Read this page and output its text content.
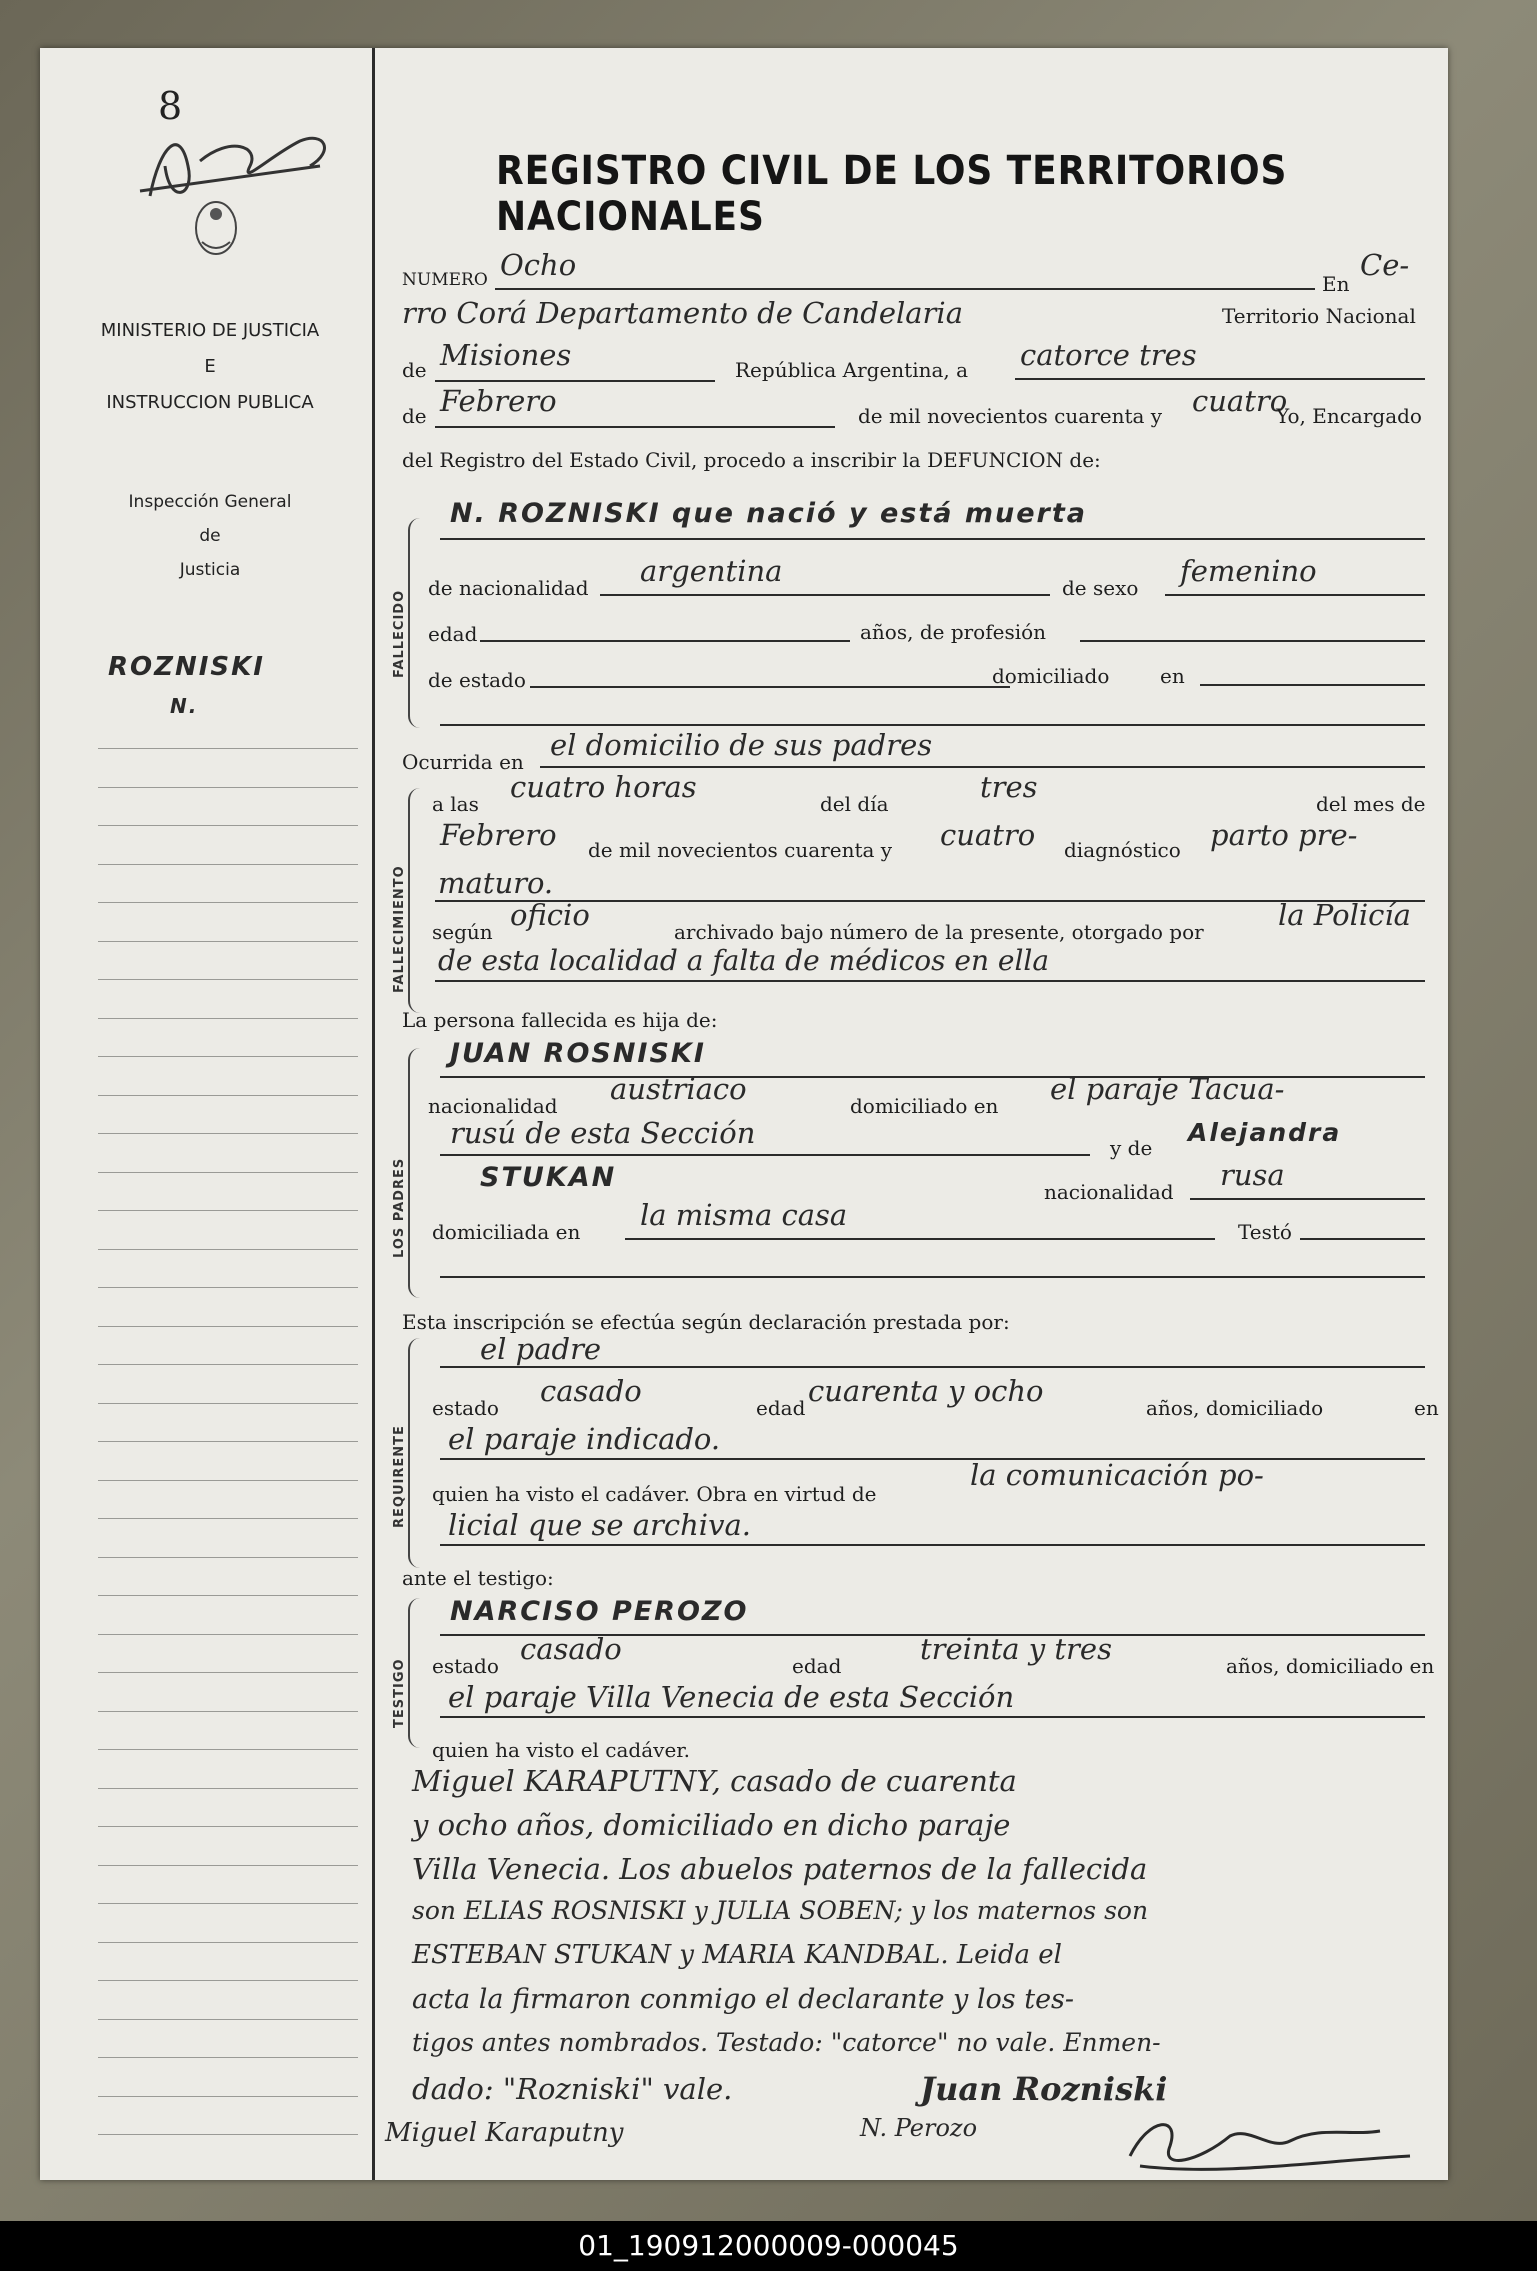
8
MINISTERIO DE JUSTICIA
E
INSTRUCCION PUBLICA
Inspección General
de
Justicia
ROZNISKI
N.
REGISTRO CIVIL DE LOS TERRITORIOS NACIONALES
NUMERO Ocho
En
Ce-
rro Corá Departamento de Candelaria	Territorio Nacional
de Misiones	República Argentina, a catorce tres
de Febrero	de mil novecientos cuarenta y cuatro
Yo, Encargado
del Registro del Estado Civil, procedo a inscribir la DEFUNCION de:
FALLECIDO
N. ROZNISKI que nació y está muerta
de nacionalidad argentina	de sexo femenino
edad	años, de profesión
de estado	domiciliado	en
FALLECIMIENTO
Ocurrida en el domicilio de sus padres
a las cuatro horas	del día	tres	del mes de
Febrero de mil novecientos cuarenta y cuatro diagnóstico parto pre-
maturo.
según oficio	archivado bajo número de la presente, otorgado por	la Policía
de esta localidad a falta de médicos en ella
La persona fallecida es hija de:
LOS PADRES
JUAN ROSNISKI
nacionalidad austriaco	domiciliado en el paraje Tacua-
rusú de esta Sección	y de
Alejandra
STUKAN	nacionalidad rusa
domiciliada en la misma casa	Testó
Esta inscripción se efectúa según declaración prestada por:
REQUIRENTE
el padre
estado casado	edad cuarenta y ocho	años, domiciliado	en
el paraje indicado.
quien ha visto el cadáver. Obra en virtud de
la comunicación po-
licial que se archiva.
ante el testigo:
TESTIGO
NARCISO PEROZO
estado casado	edad	treinta y tres	años, domiciliado en
el paraje Villa Venecia de esta Sección
quien ha visto el cadáver.
Miguel KARAPUTNY, casado de cuarenta
y ocho años, domiciliado en dicho paraje
Villa Venecia. Los abuelos paternos de la fallecida
son ELIAS ROSNISKI y JULIA SOBEN; y los maternos son
ESTEBAN STUKAN y MARIA KANDBAL. Leida el
acta la firmaron conmigo el declarante y los tes-
tigos antes nombrados. Testado: "catorce" no vale. Enmen-
dado: "Rozniski" vale.	Juan Rozniski
Miguel Karaputny	N. Perozo
01_190912000009-000045
